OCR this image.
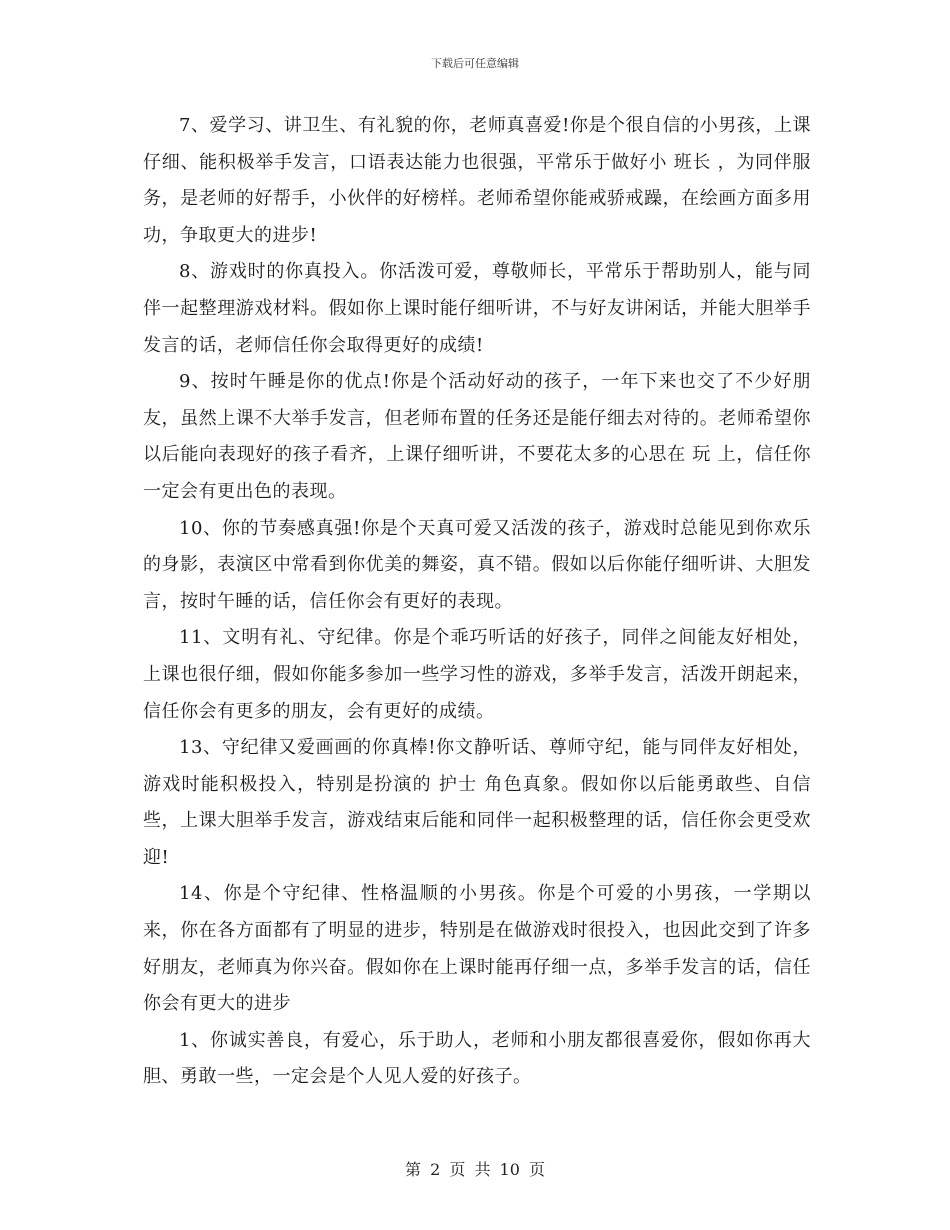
下载后可任意编辑

7、爱学习、讲卫生、有礼貌的你，老师真喜爱!你是个很自信的小男孩，上课仔细、能积极举手发言，口语表达能力也很强，平常乐于做好小 班长 ，为同伴服务，是老师的好帮手，小伙伴的好榜样。老师希望你能戒骄戒躁，在绘画方面多用功，争取更大的进步!

8、游戏时的你真投入。你活泼可爱，尊敬师长，平常乐于帮助别人，能与同伴一起整理游戏材料。假如你上课时能仔细听讲，不与好友讲闲话，并能大胆举手发言的话，老师信任你会取得更好的成绩!

9、按时午睡是你的优点!你是个活动好动的孩子，一年下来也交了不少好朋友，虽然上课不大举手发言，但老师布置的任务还是能仔细去对待的。老师希望你以后能向表现好的孩子看齐，上课仔细听讲，不要花太多的心思在 玩 上，信任你一定会有更出色的表现。

10、你的节奏感真强!你是个天真可爱又活泼的孩子，游戏时总能见到你欢乐的身影，表演区中常看到你优美的舞姿，真不错。假如以后你能仔细听讲、大胆发言，按时午睡的话，信任你会有更好的表现。

11、文明有礼、守纪律。你是个乖巧听话的好孩子，同伴之间能友好相处，上课也很仔细，假如你能多参加一些学习性的游戏，多举手发言，活泼开朗起来，信任你会有更多的朋友，会有更好的成绩。

13、守纪律又爱画画的你真棒!你文静听话、尊师守纪，能与同伴友好相处，游戏时能积极投入，特别是扮演的 护士 角色真象。假如你以后能勇敢些、自信些，上课大胆举手发言，游戏结束后能和同伴一起积极整理的话，信任你会更受欢迎!

14、你是个守纪律、性格温顺的小男孩。你是个可爱的小男孩，一学期以来，你在各方面都有了明显的进步，特别是在做游戏时很投入，也因此交到了许多好朋友，老师真为你兴奋。假如你在上课时能再仔细一点，多举手发言的话，信任你会有更大的进步

1、你诚实善良，有爱心，乐于助人，老师和小朋友都很喜爱你，假如你再大胆、勇敢一些，一定会是个人见人爱的好孩子。

第 2 页 共 10 页
